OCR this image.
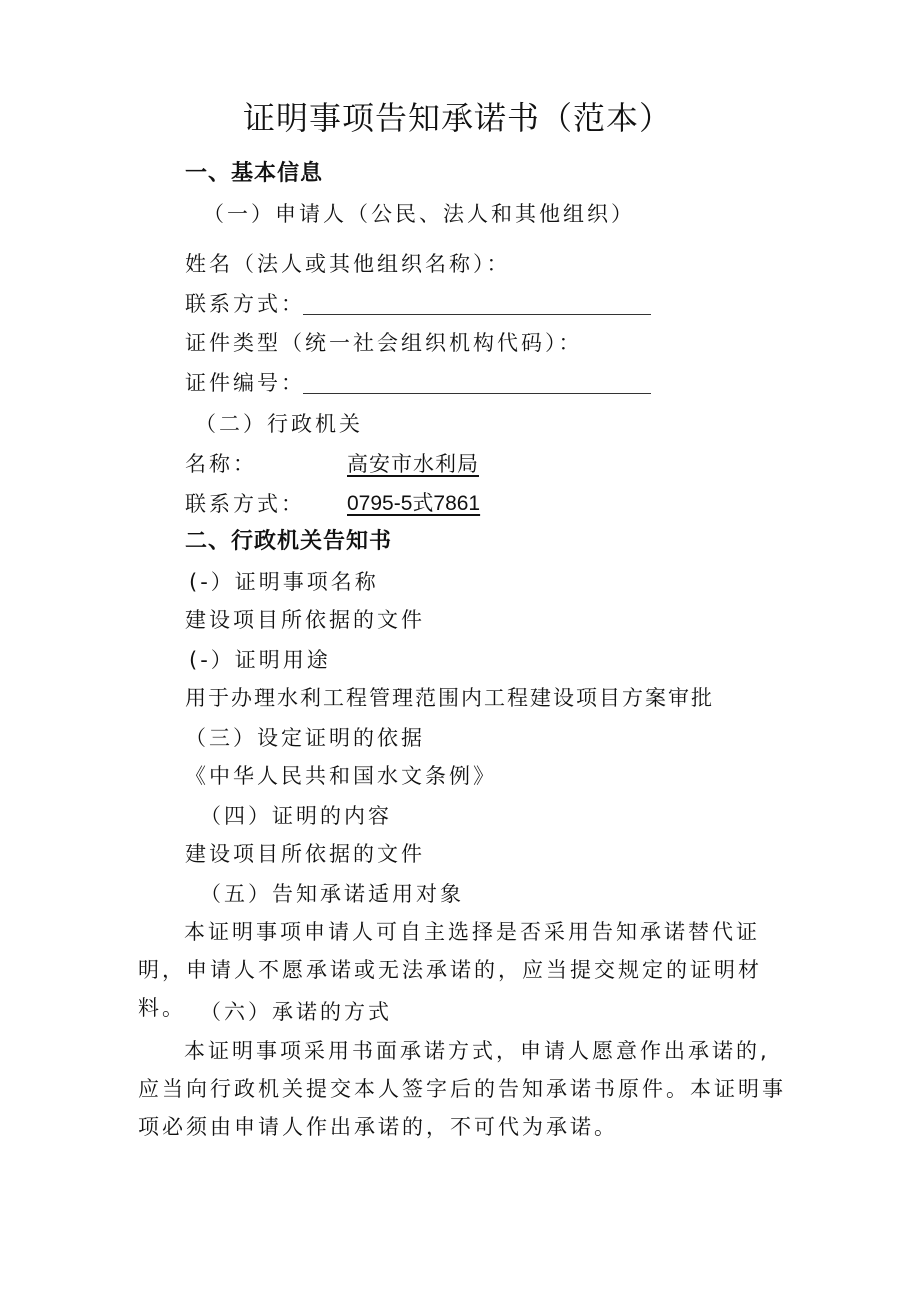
证明事项告知承诺书（范本）
一、基本信息
（一）申请人（公民、法人和其他组织）
姓名（法人或其他组织名称）：
联系方式：
证件类型（统一社会组织机构代码）：
证件编号：
（二）行政机关
名称：	高安市水利局
联系方式： 0795-5式7861
二、行政机关告知书
(-）证明事项名称
建设项目所依据的文件
(-）证明用途
用于办理水利工程管理范围内工程建设项目方案审批
（三）设定证明的依据
《中华人民共和国水文条例》
（四）证明的内容
建设项目所依据的文件
（五）告知承诺适用对象
本证明事项申请人可自主选择是否采用告知承诺替代证明，申请人不愿承诺或无法承诺的，应当提交规定的证明材料。 （六）承诺的方式
本证明事项采用书面承诺方式，申请人愿意作出承诺的,应当向行政机关提交本人签字后的告知承诺书原件。本证明事项必须由申请人作出承诺的，不可代为承诺。
